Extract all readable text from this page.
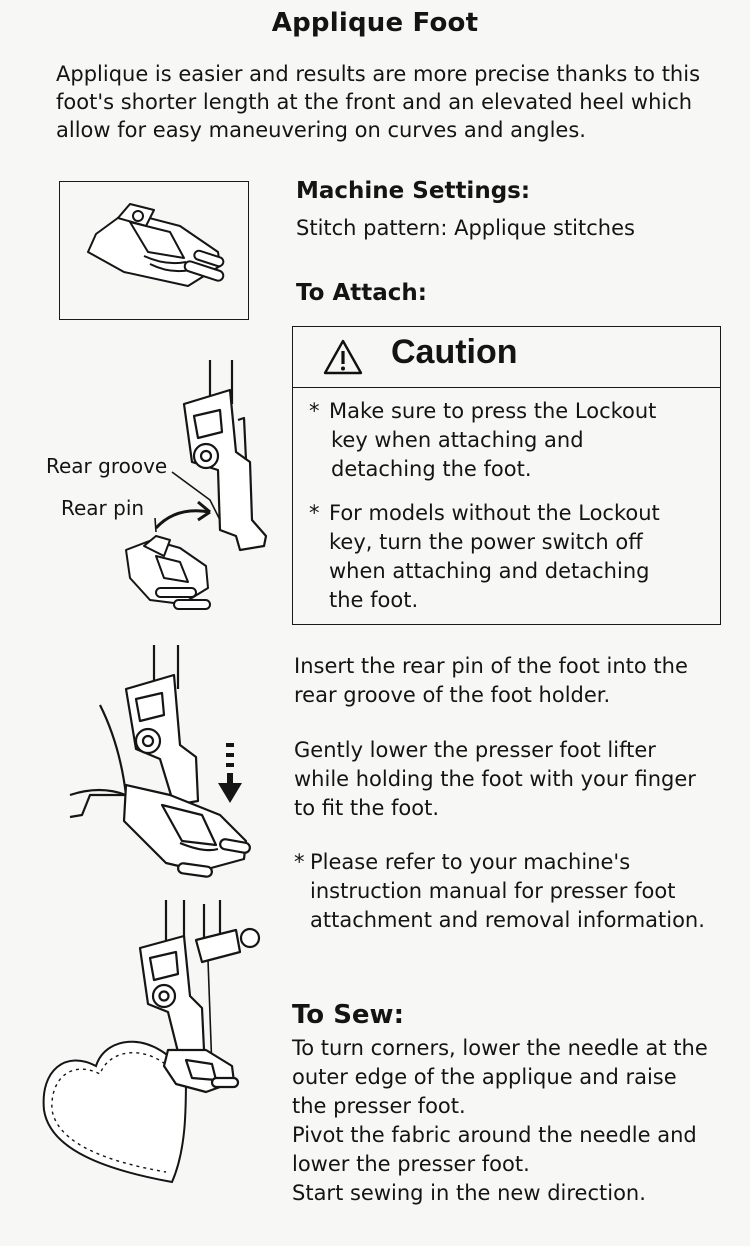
Applique Foot
Applique is easier and results are more precise thanks to this
foot's shorter length at the front and an elevated heel which
allow for easy maneuvering on curves and angles.
Machine Settings:
Stitch pattern: Applique stitches
To Attach:
Caution
* Make sure to press the Lockout
key when attaching and
detaching the foot.
* For models without the Lockout
key, turn the power switch off
when attaching and detaching
the foot.
Rear groove
Rear pin
Insert the rear pin of the foot into the
rear groove of the foot holder.
Gently lower the presser foot lifter
while holding the foot with your finger
to fit the foot.
* Please refer to your machine's
instruction manual for presser foot
attachment and removal information.
To Sew:
To turn corners, lower the needle at the
outer edge of the applique and raise
the presser foot.
Pivot the fabric around the needle and
lower the presser foot.
Start sewing in the new direction.
